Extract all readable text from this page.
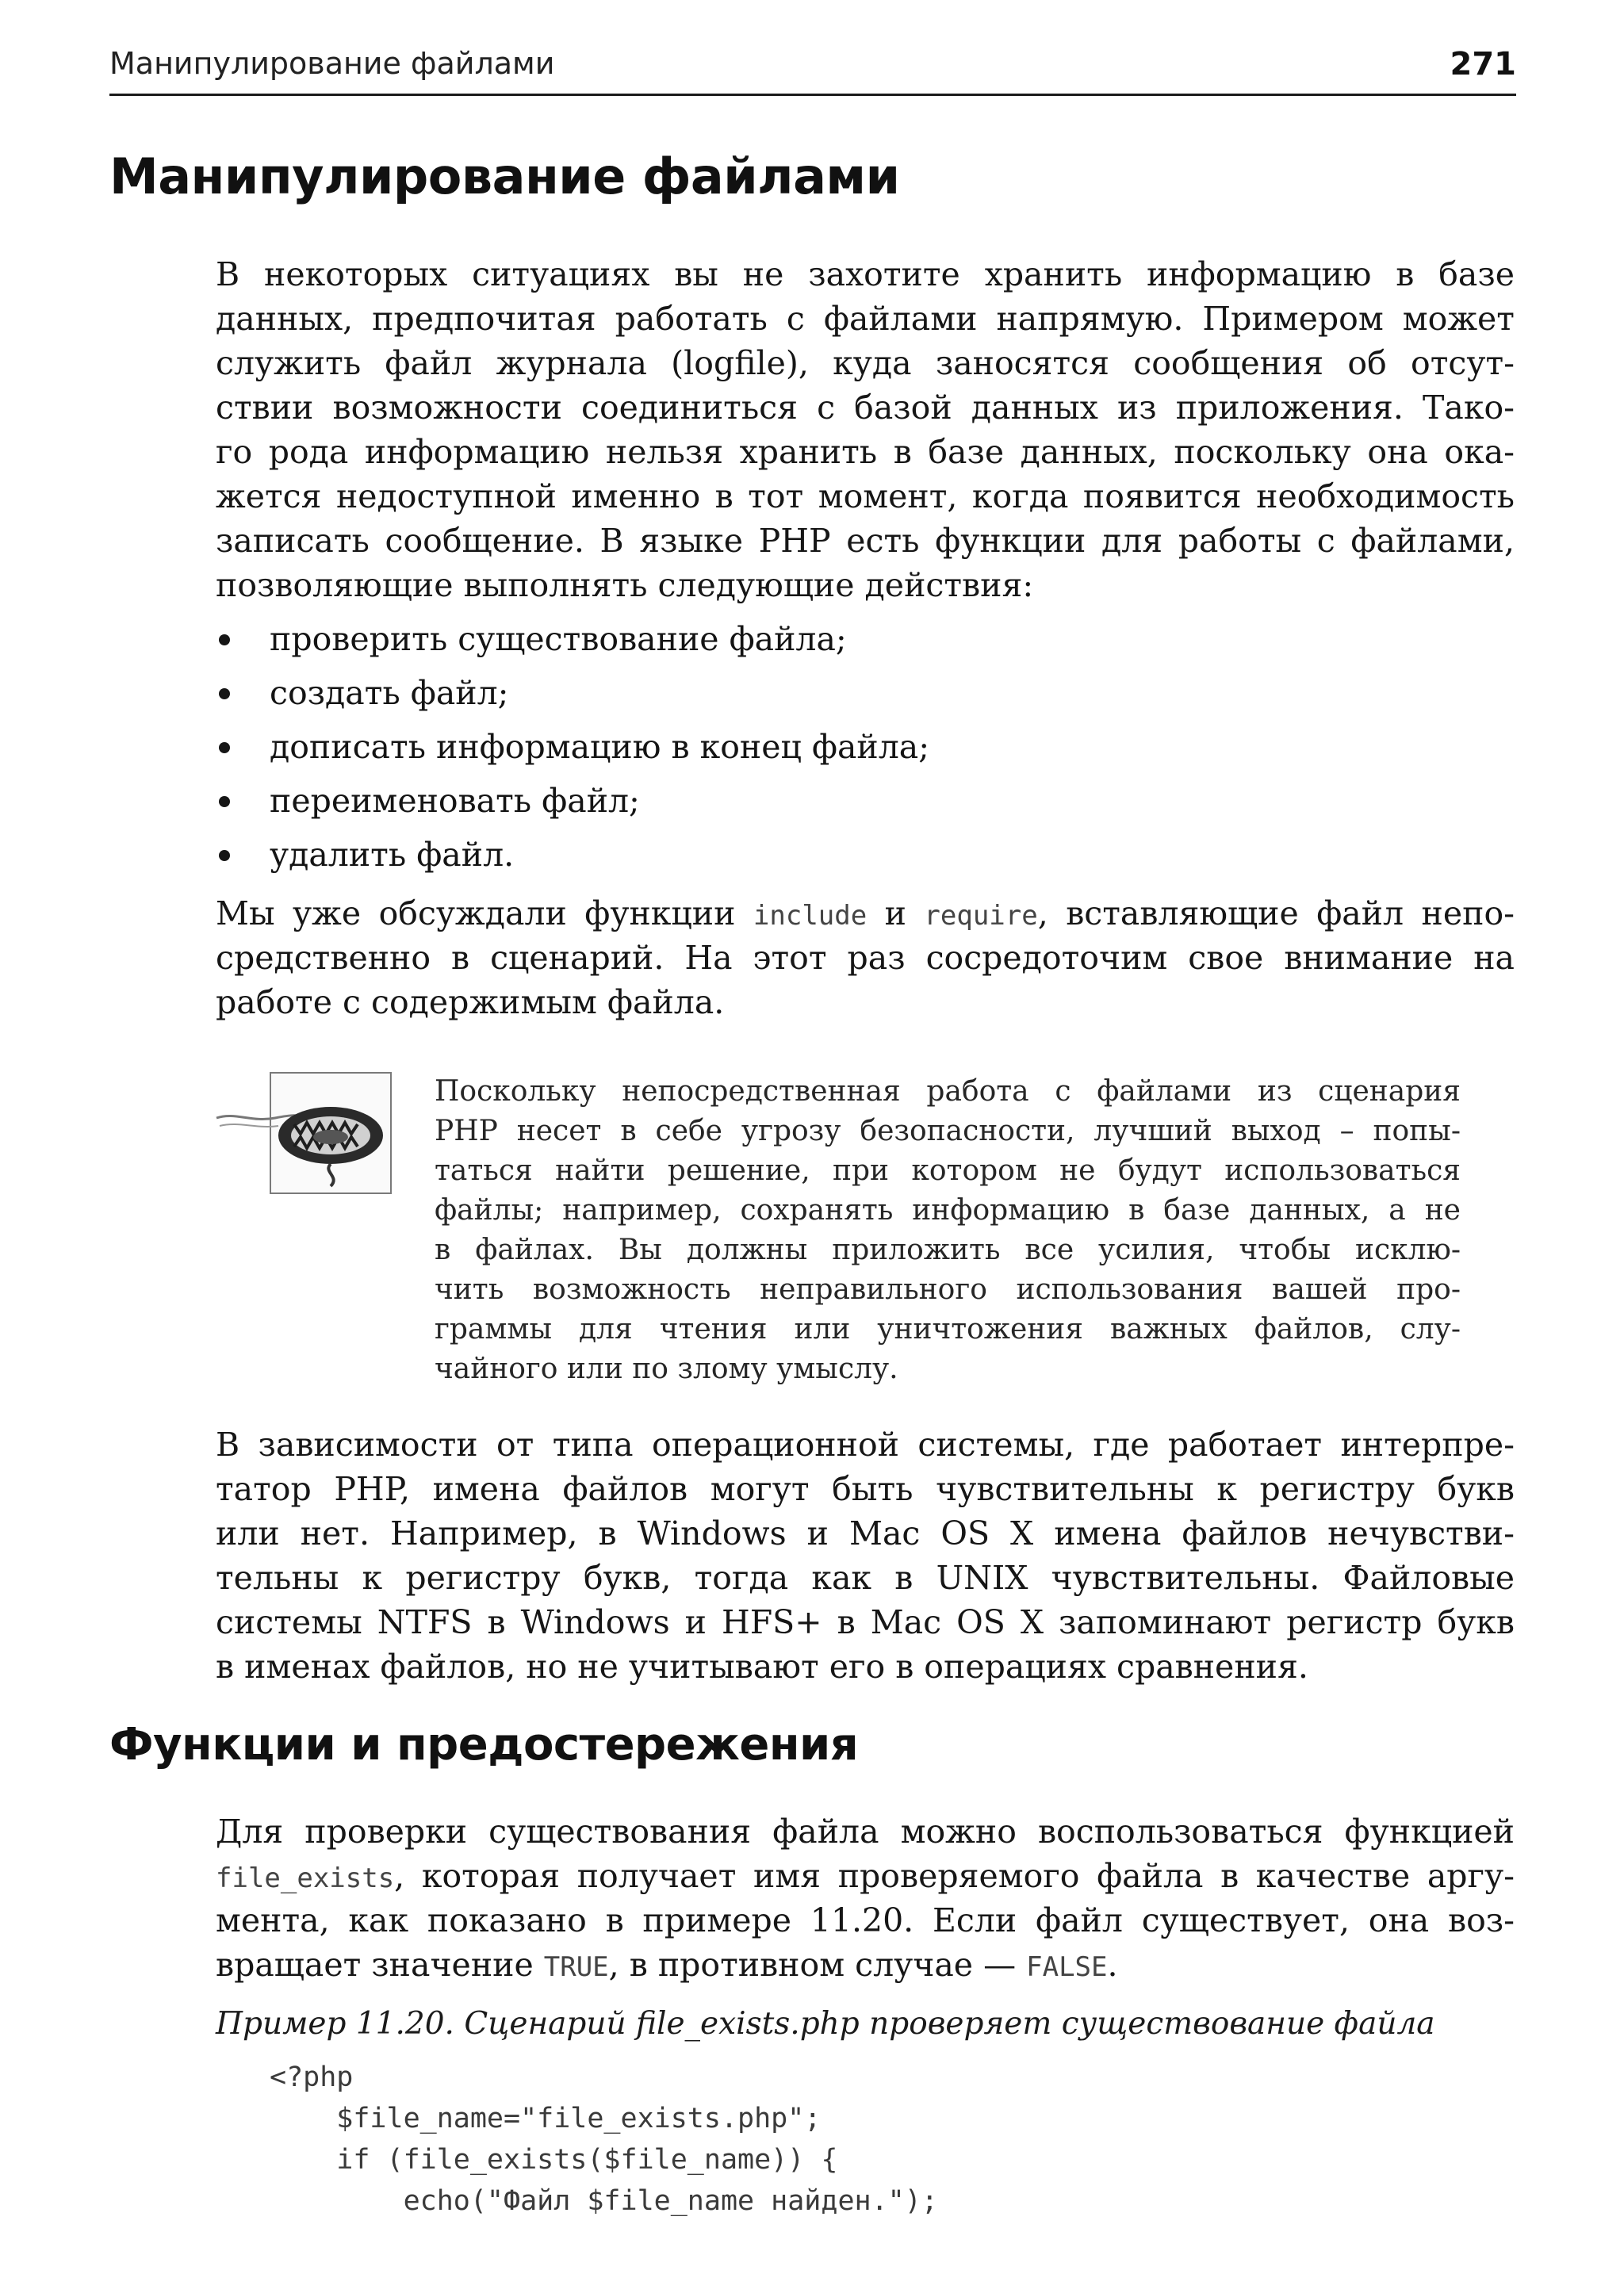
Манипулирование файлами	271
Манипулирование файлами
В некоторых ситуациях вы не захотите хранить информацию в базе
данных, предпочитая работать с файлами напрямую. Примером может
служить файл журнала (logfile), куда заносятся сообщения об отсут-
ствии возможности соединиться с базой данных из приложения. Тако-
го рода информацию нельзя хранить в базе данных, поскольку она ока-
жется недоступной именно в тот момент, когда появится необходимость
записать сообщение. В языке PHP есть функции для работы с файлами,
позволяющие выполнять следующие действия:
проверить существование файла;
создать файл;
дописать информацию в конец файла;
переименовать файл;
удалить файл.
Мы уже обсуждали функции include и require, вставляющие файл непо-
средственно в сценарий. На этот раз сосредоточим свое внимание на
работе с содержимым файла.
Поскольку непосредственная работа с файлами из сценария
PHP несет в себе угрозу безопасности, лучший выход – попы-
таться найти решение, при котором не будут использоваться
файлы; например, сохранять информацию в базе данных, а не
в файлах. Вы должны приложить все усилия, чтобы исклю-
чить возможность неправильного использования вашей про-
граммы для чтения или уничтожения важных файлов, слу-
чайного или по злому умыслу.
В зависимости от типа операционной системы, где работает интерпре-
татор PHP, имена файлов могут быть чувствительны к регистру букв
или нет. Например, в Windows и Mac OS X имена файлов нечувстви-
тельны к регистру букв, тогда как в UNIX чувствительны. Файловые
системы NTFS в Windows и HFS+ в Mac OS X запоминают регистр букв
в именах файлов, но не учитывают его в операциях сравнения.
Функции и предостережения
Для проверки существования файла можно воспользоваться функцией
file_exists, которая получает имя проверяемого файла в качестве аргу-
мента, как показано в примере 11.20. Если файл существует, она воз-
вращает значение TRUE, в противном случае — FALSE.
Пример 11.20. Сценарий file_exists.php проверяет существование файла
<?php
$file_name="file_exists.php";
if (file_exists($file_name)) {
echo("Файл $file_name найден.");
